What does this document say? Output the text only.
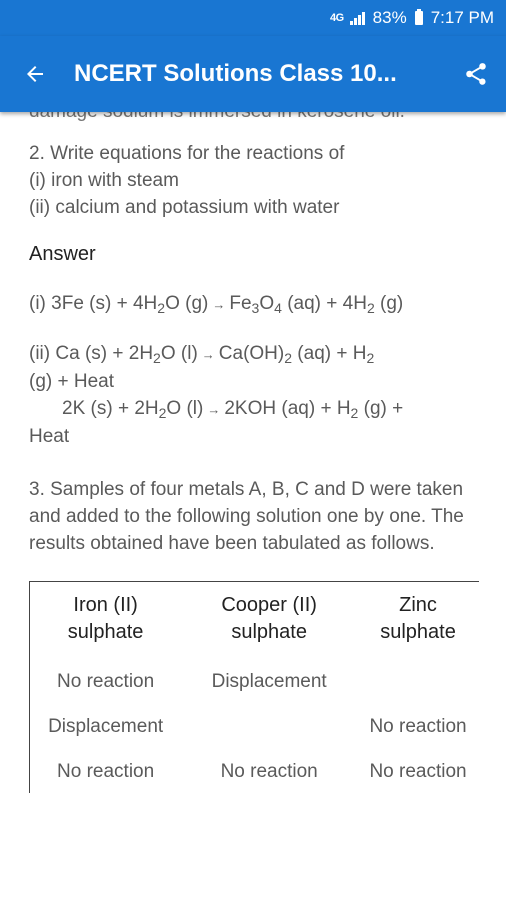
4G 83% 7:17 PM
NCERT Solutions Class 10...
2. Write equations for the reactions of
(i) iron with steam
(ii) calcium and potassium with water
Answer
(i) 3Fe $(s) + 4H_2O$ $(g) \to Fe_3O_4$ $(aq) + 4H_2$ (g)
(ii) Ca $(s) + 2H_2O$ $(l) \to Ca(OH)_2$ $(aq) + H_2$
(g) + Heat
2K $(s) + 2H_2O$ (l) → 2KOH $(aq) + H_2$ (g) +
Heat
3. Samples of four metals A, B, C and D were taken and added to the following solution one by one. The results obtained have been tabulated as follows.
Iron (II) sulphate	Cooper (II) sulphate	Zinc sulphate
No reaction	Displacement	
Displacement		No reaction
No reaction	No reaction	No reaction
